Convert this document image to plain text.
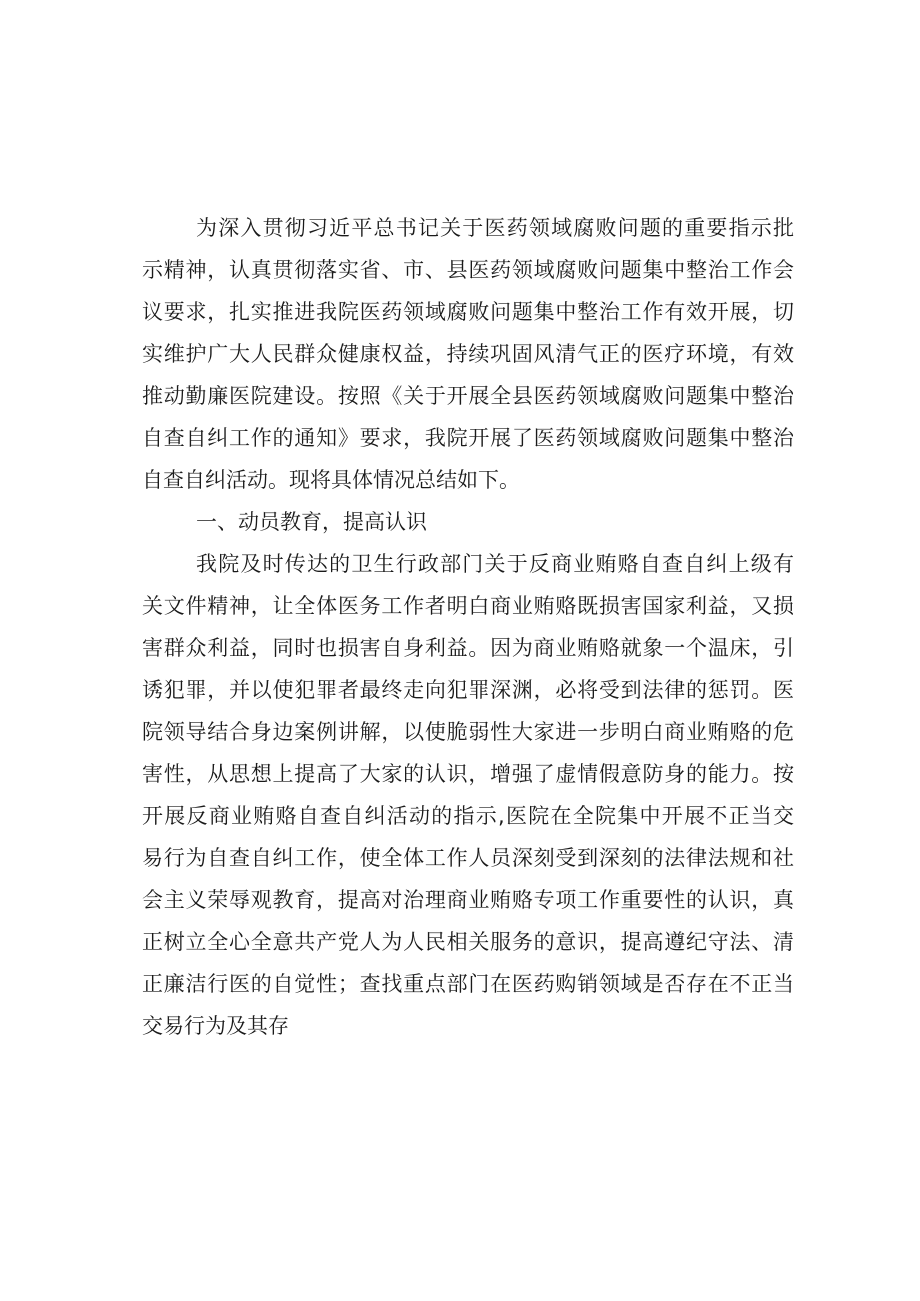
为深入贯彻习近平总书记关于医药领域腐败问题的重要指示批
示精神，认真贯彻落实省、市、县医药领域腐败问题集中整治工作会
议要求，扎实推进我院医药领域腐败问题集中整治工作有效开展，切
实维护广大人民群众健康权益，持续巩固风清气正的医疗环境，有效
推动勤廉医院建设。按照《关于开展全县医药领域腐败问题集中整治
自查自纠工作的通知》要求，我院开展了医药领域腐败问题集中整治
自查自纠活动。现将具体情况总结如下。
一、动员教育，提高认识
我院及时传达的卫生行政部门关于反商业贿赂自查自纠上级有
关文件精神，让全体医务工作者明白商业贿赂既损害国家利益，又损
害群众利益，同时也损害自身利益。因为商业贿赂就象一个温床，引
诱犯罪，并以使犯罪者最终走向犯罪深渊，必将受到法律的惩罚。医
院领导结合身边案例讲解，以使脆弱性大家进一步明白商业贿赂的危
害性，从思想上提高了大家的认识，增强了虚情假意防身的能力。按
开展反商业贿赂自查自纠活动的指示,医院在全院集中开展不正当交
易行为自查自纠工作，使全体工作人员深刻受到深刻的法律法规和社
会主义荣辱观教育，提高对治理商业贿赂专项工作重要性的认识，真
正树立全心全意共产党人为人民相关服务的意识，提高遵纪守法、清
正廉洁行医的自觉性；查找重点部门在医药购销领域是否存在不正当
交易行为及其存
